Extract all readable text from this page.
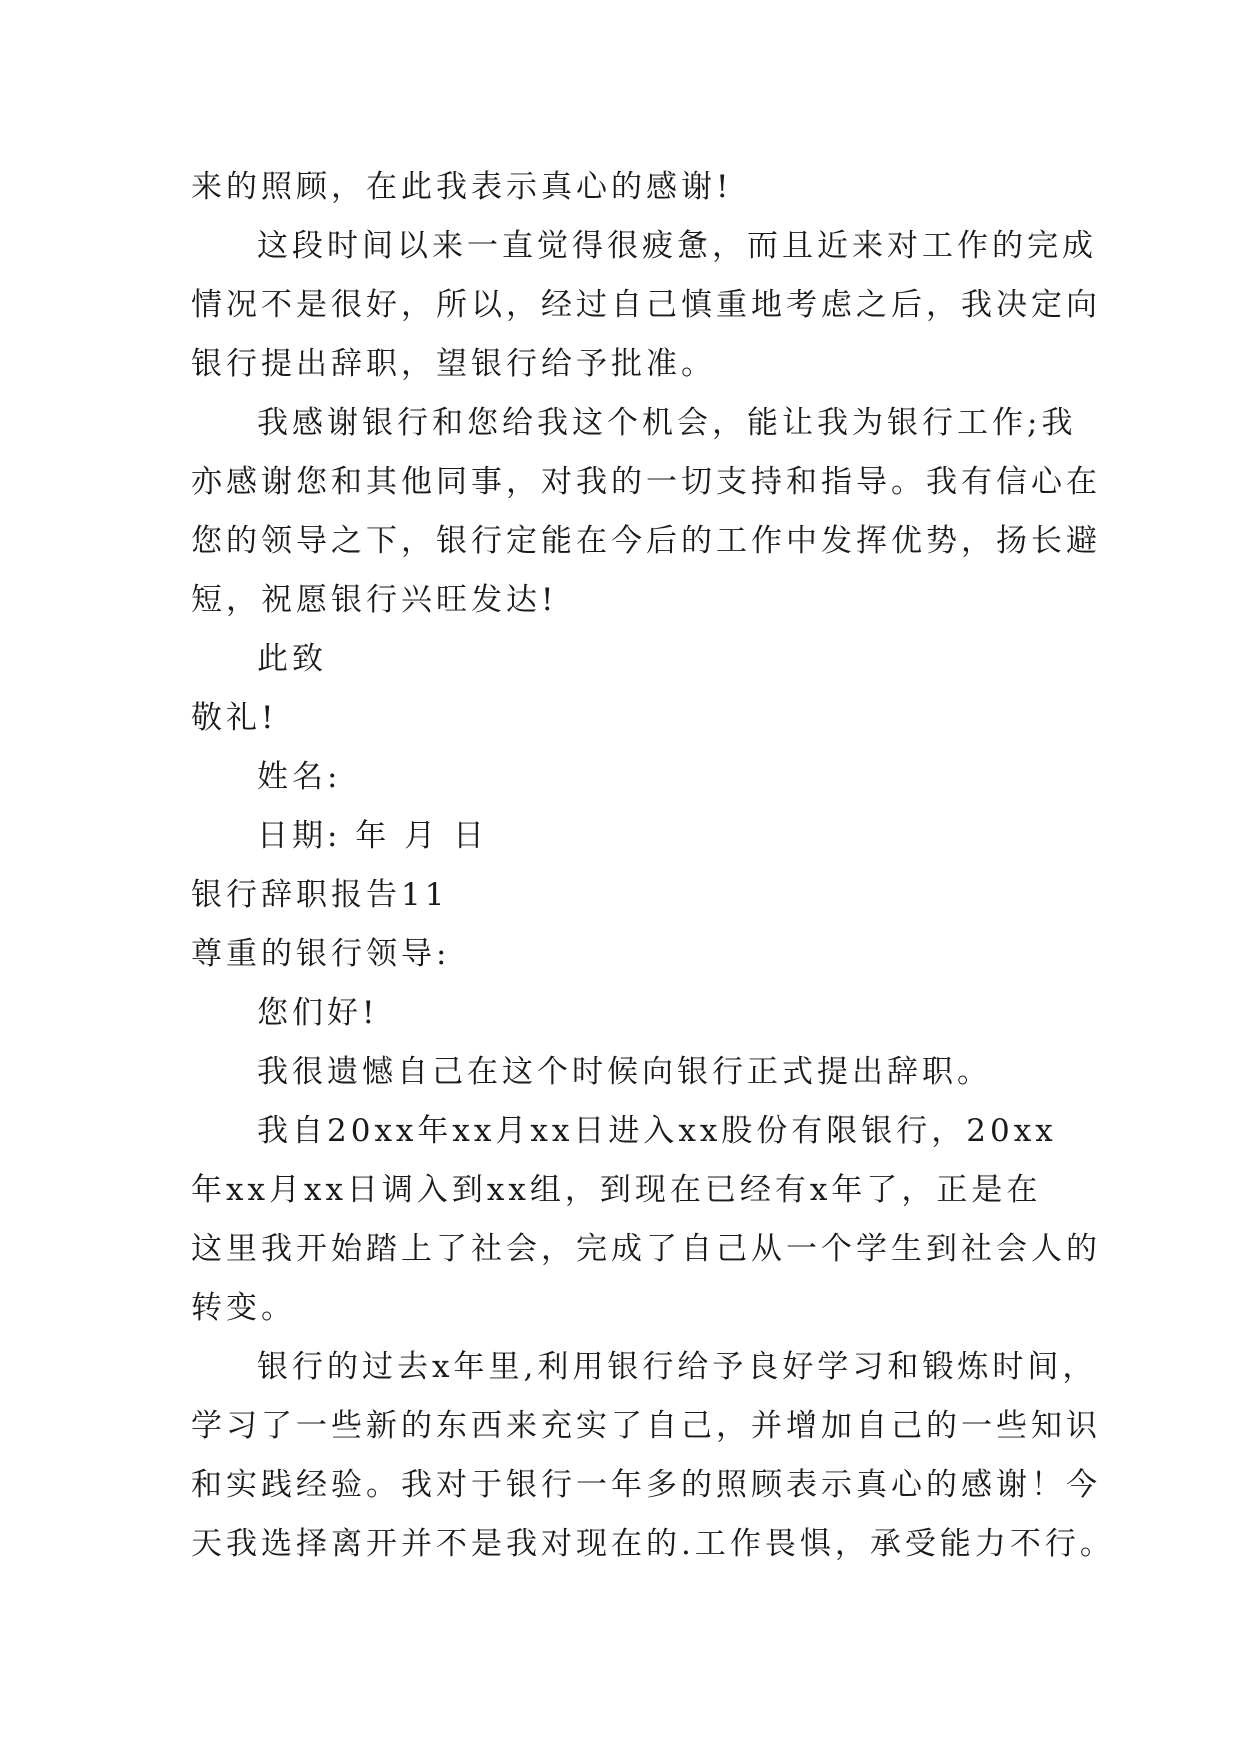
来的照顾，在此我表示真心的感谢!
这段时间以来一直觉得很疲惫，而且近来对工作的完成
情况不是很好，所以，经过自己慎重地考虑之后，我决定向
银行提出辞职，望银行给予批准。
我感谢银行和您给我这个机会，能让我为银行工作;我
亦感谢您和其他同事，对我的一切支持和指导。我有信心在
您的领导之下，银行定能在今后的工作中发挥优势，扬长避
短，祝愿银行兴旺发达!
此致
敬礼!
姓名:
日期: 年 月 日
银行辞职报告11
尊重的银行领导:
您们好!
我很遗憾自己在这个时候向银行正式提出辞职。
我自20xx年xx月xx日进入xx股份有限银行，20xx
年xx月xx日调入到xx组，到现在已经有x年了，正是在
这里我开始踏上了社会，完成了自己从一个学生到社会人的
转变。
银行的过去x年里,利用银行给予良好学习和锻炼时间，
学习了一些新的东西来充实了自己，并增加自己的一些知识
和实践经验。我对于银行一年多的照顾表示真心的感谢！今
天我选择离开并不是我对现在的.工作畏惧，承受能力不行。
